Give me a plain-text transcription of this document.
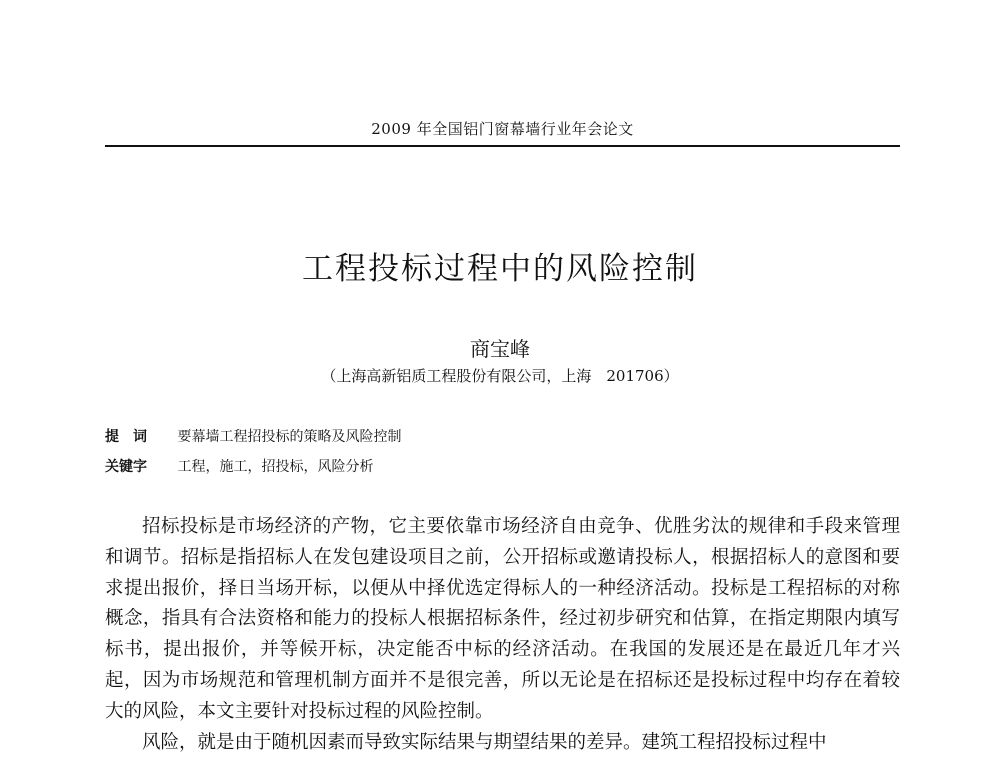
2009 年全国铝门窗幕墙行业年会论文
工程投标过程中的风险控制
商宝峰
（上海高新铝质工程股份有限公司，上海　201706）
提　词 要幕墙工程招投标的策略及风险控制
关键字 工程，施工，招投标，风险分析

招标投标是市场经济的产物，它主要依靠市场经济自由竞争、优胜劣汰的规律和手段来管理和调节。招标是指招标人在发包建设项目之前，公开招标或邀请投标人，根据招标人的意图和要求提出报价，择日当场开标，以便从中择优选定得标人的一种经济活动。投标是工程招标的对称概念，指具有合法资格和能力的投标人根据招标条件，经过初步研究和估算，在指定期限内填写标书，提出报价，并等候开标，决定能否中标的经济活动。在我国的发展还是在最近几年才兴起，因为市场规范和管理机制方面并不是很完善，所以无论是在招标还是投标过程中均存在着较大的风险，本文主要针对投标过程的风险控制。

风险，就是由于随机因素而导致实际结果与期望结果的差异。建筑工程招投标过程中
